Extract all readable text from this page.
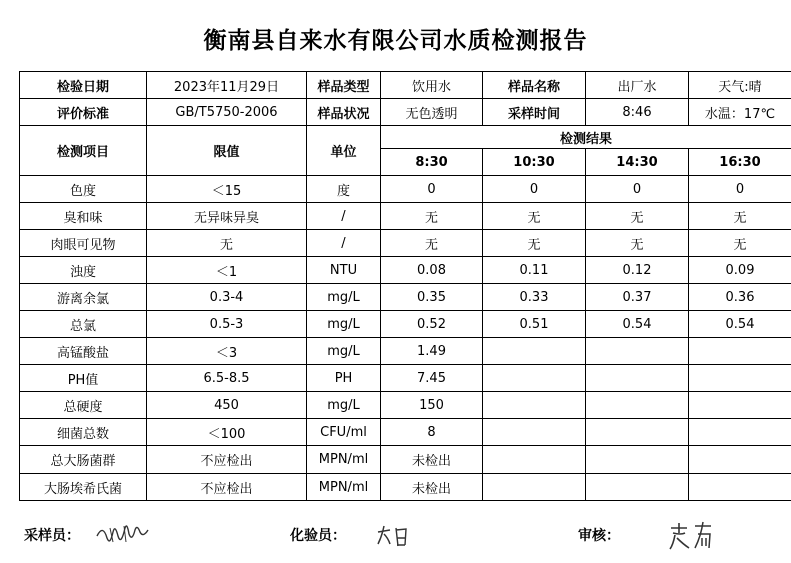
衡南县自来水有限公司水质检测报告
检验日期	2023年11月29日	样品类型	饮用水	样品名称	出厂水	天气:晴
评价标准	GB/T5750-2006	样品状况	无色透明	采样时间	8:46	水温：17℃
检测项目	限值	单位	检测结果			
			8:30	10:30	14:30	16:30
色度	＜15	度	0	0	0	0
臭和味	无异味异臭	/	无	无	无	无
肉眼可见物	无	/	无	无	无	无
浊度	＜1	NTU	0.08	0.11	0.12	0.09
游离余氯	0.3-4	mg/L	0.35	0.33	0.37	0.36
总氯	0.5-3	mg/L	0.52	0.51	0.54	0.54
高锰酸盐	＜3	mg/L	1.49			
PH值	6.5-8.5	PH	7.45			
总硬度	450	mg/L	150			
细菌总数	＜100	CFU/ml	8			
总大肠菌群	不应检出	MPN/ml	未检出			
大肠埃希氏菌	不应检出	MPN/ml	未检出			
采样员：	化验员：	审核：
